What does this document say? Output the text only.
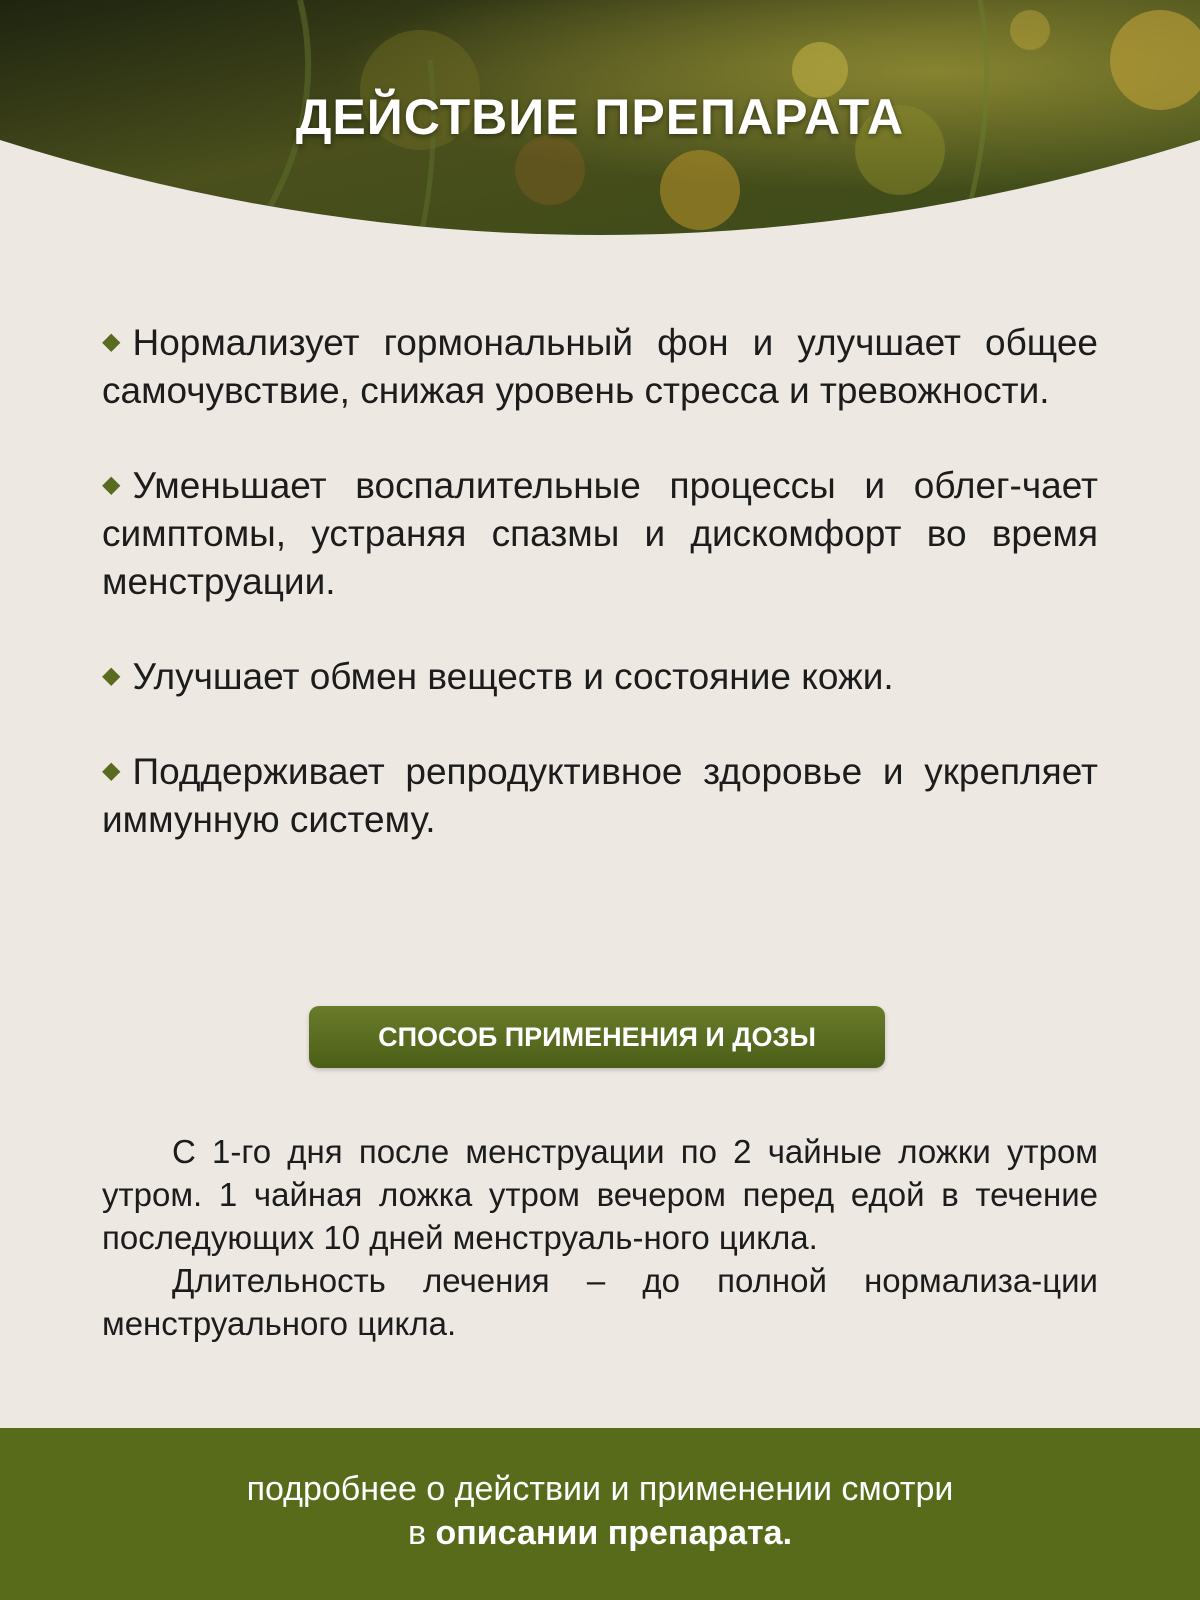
ДЕЙСТВИЕ ПРЕПАРАТА

◆ Нормализует гормональный фон и улучшает общее самочувствие, снижая уровень стресса и тревожности.

◆ Уменьшает воспалительные процессы и облег-чает симптомы, устраняя спазмы и дискомфорт во время менструации.

◆ Улучшает обмен веществ и состояние кожи.

◆ Поддерживает репродуктивное здоровье и укрепляет иммунную систему.

СПОСОБ ПРИМЕНЕНИЯ И ДОЗЫ

С 1-го дня после менструации по 2 чайные ложки утром утром. 1 чайная ложка утром вечером перед едой в течение последующих 10 дней менструаль-ного цикла.

Длительность лечения – до полной нормализа-ции менструального цикла.

подробнее о действии и применении смотри
в описании препарата.
